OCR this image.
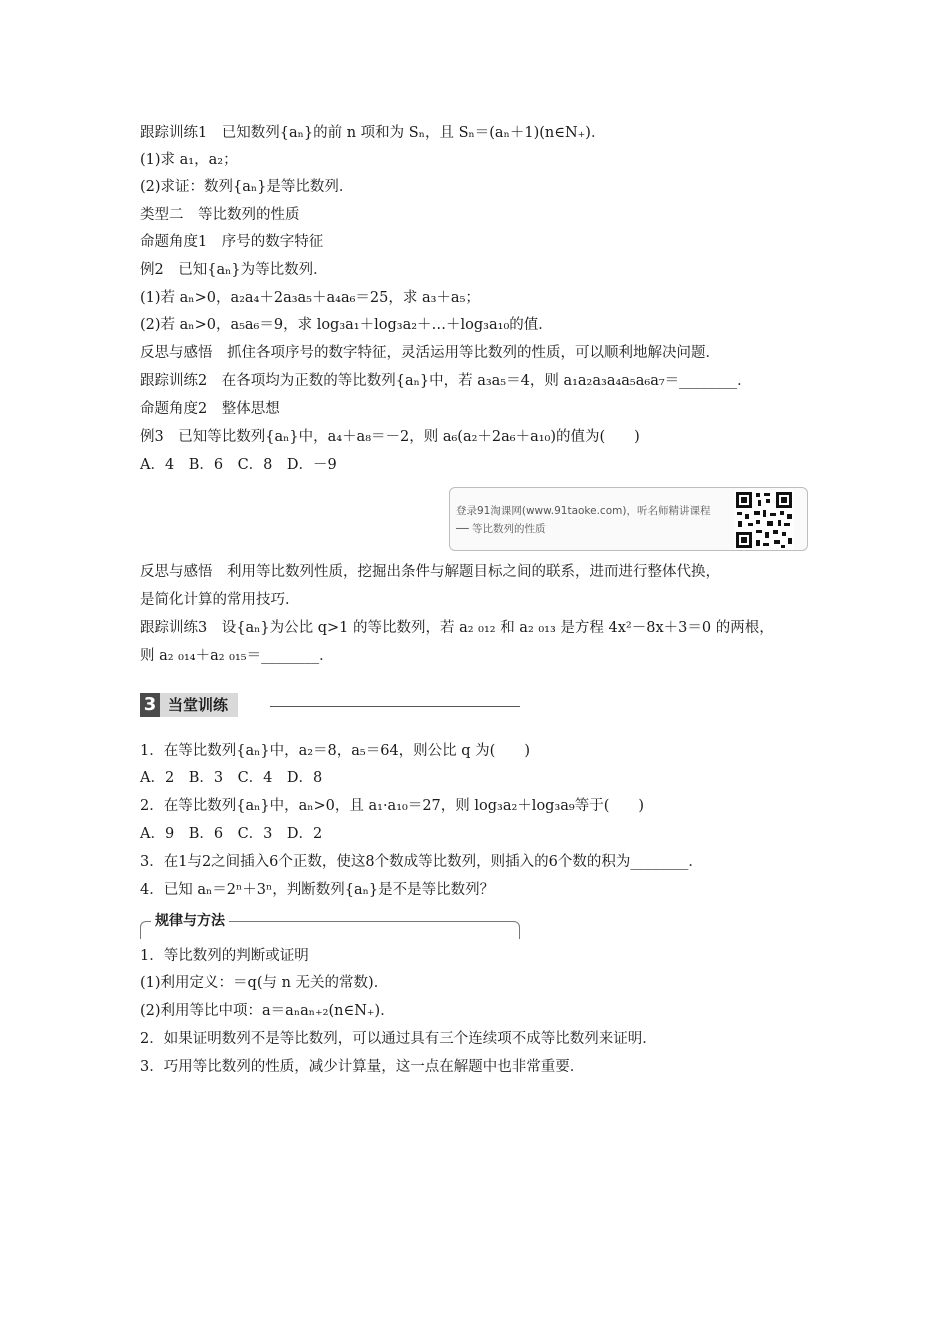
跟踪训练1　已知数列{aₙ}的前 n 项和为 Sₙ，且 Sₙ＝(aₙ＋1)(n∈N₊)．
(1)求 a₁，a₂；
(2)求证：数列{aₙ}是等比数列．
类型二　等比数列的性质
命题角度1　序号的数字特征
例2　已知{aₙ}为等比数列．
(1)若 aₙ>0，a₂a₄＋2a₃a₅＋a₄a₆＝25，求 a₃＋a₅；
(2)若 aₙ>0，a₅a₆＝9，求 log₃a₁＋log₃a₂＋…＋log₃a₁₀的值．
反思与感悟　抓住各项序号的数字特征，灵活运用等比数列的性质，可以顺利地解决问题．
跟踪训练2　在各项均为正数的等比数列{aₙ}中，若 a₃a₅＝4，则 a₁a₂a₃a₄a₅a₆a₇＝________．
命题角度2　整体思想
例3　已知等比数列{aₙ}中，a₄＋a₈＝－2，则 a₆(a₂＋2a₆＋a₁₀)的值为(　　)
A．4　B．6　C．8　D．－9
登录91淘课网(www.91taoke.com)，听名师精讲课程
── 等比数列的性质
反思与感悟　利用等比数列性质，挖掘出条件与解题目标之间的联系，进而进行整体代换，
是简化计算的常用技巧．
跟踪训练3　设{aₙ}为公比 q>1 的等比数列，若 a₂ ₀₁₂ 和 a₂ ₀₁₃ 是方程 4x²－8x＋3＝0 的两根，
则 a₂ ₀₁₄＋a₂ ₀₁₅＝________．
3 当堂训练
1．在等比数列{aₙ}中，a₂＝8，a₅＝64，则公比 q 为(　　)
A．2　B．3　C．4　D．8
2．在等比数列{aₙ}中，aₙ>0，且 a₁·a₁₀＝27，则 log₃a₂＋log₃a₉等于(　　)
A．9　B．6　C．3　D．2
3．在1与2之间插入6个正数，使这8个数成等比数列，则插入的6个数的积为________．
4．已知 aₙ＝2ⁿ＋3ⁿ，判断数列{aₙ}是不是等比数列？
规律与方法
1．等比数列的判断或证明
(1)利用定义：＝q(与 n 无关的常数)．
(2)利用等比中项：a＝aₙaₙ₊₂(n∈N₊)．
2．如果证明数列不是等比数列，可以通过具有三个连续项不成等比数列来证明．
3．巧用等比数列的性质，减少计算量，这一点在解题中也非常重要．
